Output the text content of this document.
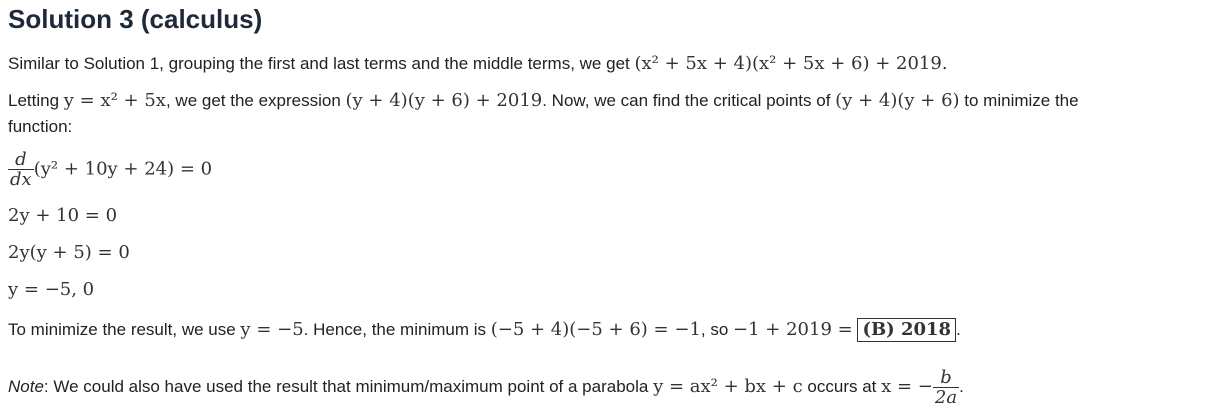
Solution 3 (calculus)

Similar to Solution 1, grouping the first and last terms and the middle terms, we get (x² + 5x + 4)(x² + 5x + 6) + 2019.

Letting y = x² + 5x, we get the expression (y + 4)(y + 6) + 2019. Now, we can find the critical points of (y + 4)(y + 6) to minimize the
function:

$\frac{d}{dx} (y^2 + 10y + 24) = 0$
2y + 10 = 0
2y(y + 5) = 0
y = −5, 0

To minimize the result, we use y = −5. Hence, the minimum is (−5 + 4)(−5 + 6) = −1, so −1 + 2019 = (B) 2018 .

Note: We could also have used the result that minimum/maximum point of a parabola y = ax² + bx + c occurs at x = − $\frac{b}{2a}$ .
